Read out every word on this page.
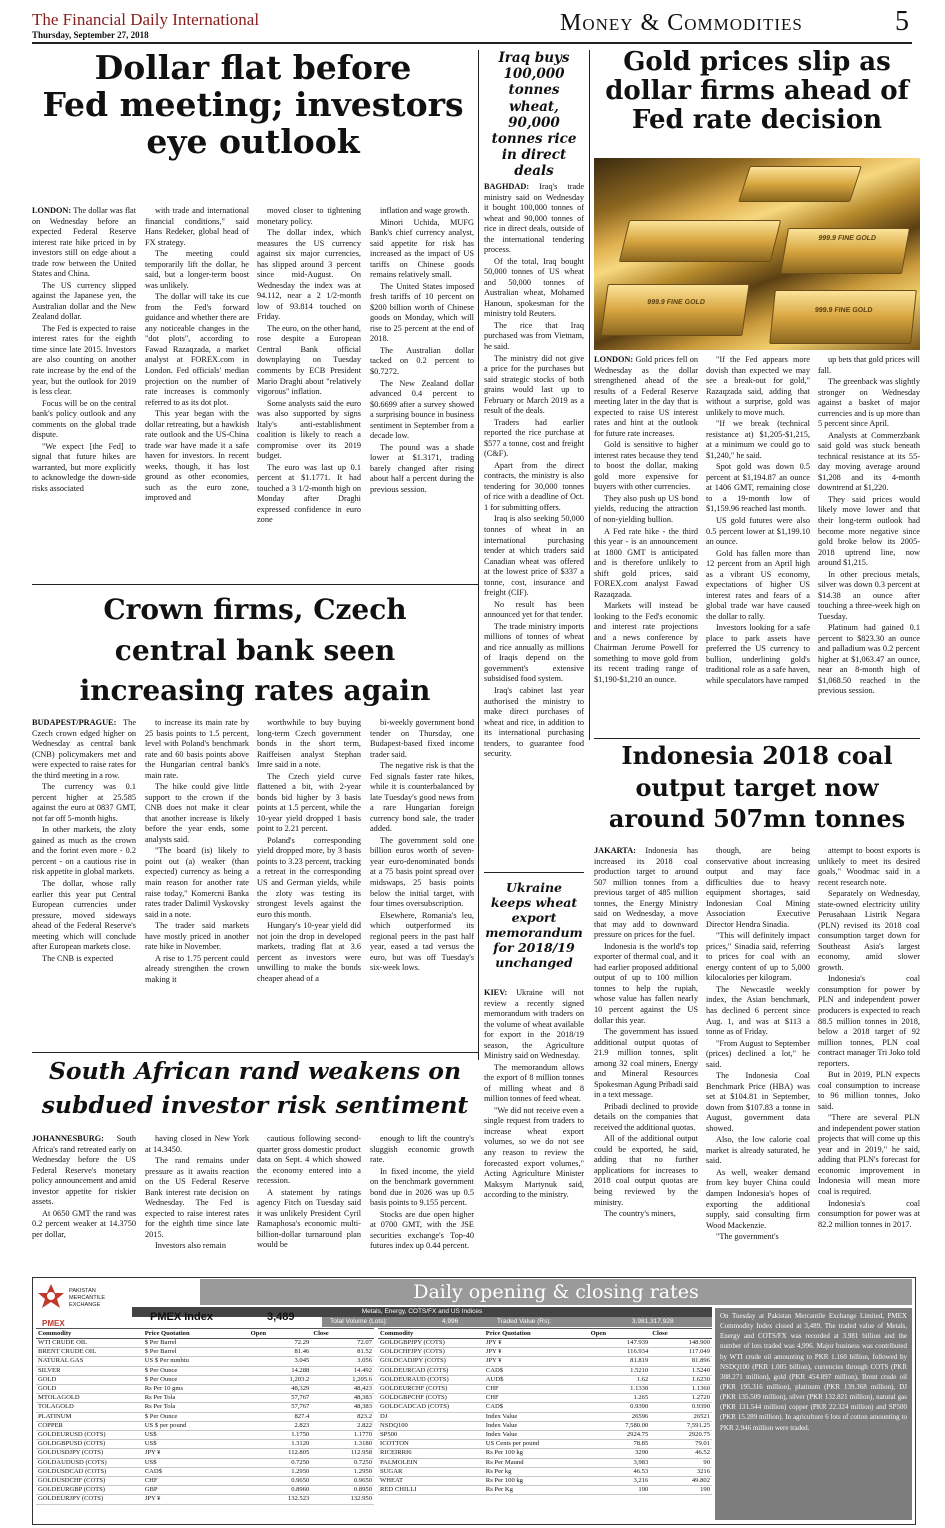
The Financial Daily International
Thursday, September 27, 2018	Money & Commodities	5
Dollar flat before
Fed meeting; investors
eye outlook

LONDON: The dollar was flat on Wednesday before an expected Federal Reserve interest rate hike priced in by investors still on edge about a trade row between the United States and China.

The US currency slipped against the Japanese yen, the Australian dollar and the New Zealand dollar.

The Fed is expected to raise interest rates for the eighth time since late 2015. Investors are also counting on another rate increase by the end of the year, but the outlook for 2019 is less clear.

Focus will be on the central bank's policy outlook and any comments on the global trade dispute.

"We expect [the Fed] to signal that future hikes are warranted, but more explicitly to acknowledge the down-side risks associated

with trade and international financial conditions," said Hans Redeker, global head of FX strategy.

The meeting could temporarily lift the dollar, he said, but a longer-term boost was unlikely.

The dollar will take its cue from the Fed's forward guidance and whether there are any noticeable changes in the "dot plots", according to Fawad Razaqzada, a market analyst at FOREX.com in London. Fed officials' median projection on the number of rate increases is commonly referred to as its dot plot.

This year began with the dollar retreating, but a hawkish rate outlook and the US-China trade war have made it a safe haven for investors. In recent weeks, though, it has lost ground as other economies, such as the euro zone, improved and

moved closer to tightening monetary policy.

The dollar index, which measures the US currency against six major currencies, has slipped around 3 percent since mid-August. On Wednesday the index was at 94.112, near a 2 1/2-month low of 93.814 touched on Friday.

The euro, on the other hand, rose despite a European Central Bank official downplaying on Tuesday comments by ECB President Mario Draghi about "relatively vigorous" inflation.

Some analysts said the euro was also supported by signs Italy's anti-establishment coalition is likely to reach a compromise over its 2019 budget.

The euro was last up 0.1 percent at $1.1771. It had touched a 3 1/2-month high on Monday after Draghi expressed confidence in euro zone

inflation and wage growth.

Minori Uchida, MUFG Bank's chief currency analyst, said appetite for risk has increased as the impact of US tariffs on Chinese goods remains relatively small.

The United States imposed fresh tariffs of 10 percent on $200 billion worth of Chinese goods on Monday, which will rise to 25 percent at the end of 2018.

The Australian dollar tacked on 0.2 percent to $0.7272.

The New Zealand dollar advanced 0.4 percent to $0.6699 after a survey showed a surprising bounce in business sentiment in September from a decade low.

The pound was a shade lower at $1.3171, trading barely changed after rising about half a percent during the previous session.

Iraq buys 100,000 tonnes wheat, 90,000 tonnes rice in direct deals

BAGHDAD: Iraq's trade ministry said on Wednesday it bought 100,000 tonnes of wheat and 90,000 tonnes of rice in direct deals, outside of the international tendering process.

Of the total, Iraq bought 50,000 tonnes of US wheat and 50,000 tonnes of Australian wheat, Mohamed Hanoun, spokesman for the ministry told Reuters.

The rice that Iraq purchased was from Vietnam, he said.

The ministry did not give a price for the purchases but said strategic stocks of both grains would last up to February or March 2019 as a result of the deals.

Traders had earlier reported the rice purchase at $577 a tonne, cost and freight (C&F).

Apart from the direct contracts, the ministry is also tendering for 30,000 tonnes of rice with a deadline of Oct. 1 for submitting offers.

Iraq is also seeking 50,000 tonnes of wheat in an international purchasing tender at which traders said Canadian wheat was offered at the lowest price of $337 a tonne, cost, insurance and freight (CIF).

No result has been announced yet for that tender.

The trade ministry imports millions of tonnes of wheat and rice annually as millions of Iraqis depend on the government's extensive subsidised food system.

Iraq's cabinet last year authorised the ministry to make direct purchases of wheat and rice, in addition to its international purchasing tenders, to guarantee food security.

Gold prices slip as
dollar firms ahead of
Fed rate decision
999.9 FINE GOLD
999.9 FINE GOLD
999.9 FINE GOLD

LONDON: Gold prices fell on Wednesday as the dollar strengthened ahead of the results of a Federal Reserve meeting later in the day that is expected to raise US interest rates and hint at the outlook for future rate increases.

Gold is sensitive to higher interest rates because they tend to boost the dollar, making gold more expensive for buyers with other currencies.

They also push up US bond yields, reducing the attraction of non-yielding bullion.

A Fed rate hike - the third this year - is an announcement at 1800 GMT is anticipated and is therefore unlikely to shift gold prices, said FOREX.com analyst Fawad Razaqzada.

Markets will instead be looking to the Fed's economic and interest rate projections and a news conference by Chairman Jerome Powell for something to move gold from its recent trading range of $1,190-$1,210 an ounce.

"If the Fed appears more dovish than expected we may see a break-out for gold," Razaqzada said, adding that without a surprise, gold was unlikely to move much.

"If we break (technical resistance at) $1,205-$1,215, at a minimum we could go to $1,240," he said.

Spot gold was down 0.5 percent at $1,194.87 an ounce at 1406 GMT, remaining close to a 19-month low of $1,159.96 reached last month.

US gold futures were also 0.5 percent lower at $1,199.10 an ounce.

Gold has fallen more than 12 percent from an April high as a vibrant US economy, expectations of higher US interest rates and fears of a global trade war have caused the dollar to rally.

Investors looking for a safe place to park assets have preferred the US currency to bullion, underlining gold's traditional role as a safe haven, while speculators have ramped

up bets that gold prices will fall.

The greenback was slightly stronger on Wednesday against a basket of major currencies and is up more than 5 percent since April.

Analysts at Commerzbank said gold was stuck beneath technical resistance at its 55-day moving average around $1,208 and its 4-month downtrend at $1,220.

They said prices would likely move lower and that their long-term outlook had become more negative since gold broke below its 2005-2018 uptrend line, now around $1,215.

In other precious metals, silver was down 0.3 percent at $14.38 an ounce after touching a three-week high on Tuesday.

Platinum had gained 0.1 percent to $823.30 an ounce and palladium was 0.2 percent higher at $1,063.47 an ounce, near an 8-month high of $1,068.50 reached in the previous session.

Crown firms, Czech
central bank seen
increasing rates again

BUDAPEST/PRAGUE: The Czech crown edged higher on Wednesday as central bank (CNB) policymakers met and were expected to raise rates for the third meeting in a row.

The currency was 0.1 percent higher at 25.585 against the euro at 0837 GMT, not far off 5-month highs.

In other markets, the zloty gained as much as the crown and the forint even more - 0.2 percent - on a cautious rise in risk appetite in global markets.

The dollar, whose rally earlier this year put Central European currencies under pressure, moved sideways ahead of the Federal Reserve's meeting which will conclude after European markets close.

The CNB is expected

to increase its main rate by 25 basis points to 1.5 percent, level with Poland's benchmark rate and 60 basis points above the Hungarian central bank's main rate.

The hike could give little support to the crown if the CNB does not make it clear that another increase is likely before the year ends, some analysts said.

"The board (is) likely to point out (a) weaker (than expected) currency as being a main reason for another rate raise today," Komercni Banka rates trader Dalimil Vyskovsky said in a note.

The trader said markets have mostly priced in another rate hike in November.

A rise to 1.75 percent could already strengthen the crown making it

worthwhile to buy buying long-term Czech government bonds in the short term, Raiffeisen analyst Stephan Imre said in a note.

The Czech yield curve flattened a bit, with 2-year bonds bid higher by 3 basis points at 1.5 percent, while the 10-year yield dropped 1 basis point to 2.21 percent.

Poland's corresponding yield dropped more, by 3 basis points to 3.23 percent, tracking a retreat in the corresponding US and German yields, while the zloty was testing its strongest levels against the euro this month.

Hungary's 10-year yield did not join the drop in developed markets, trading flat at 3.6 percent as investors were unwilling to make the bonds cheaper ahead of a

bi-weekly government bond tender on Thursday, one Budapest-based fixed income trader said.

The negative risk is that the Fed signals faster rate hikes, while it is counterbalanced by late Tuesday's good news from a rare Hungarian foreign currency bond sale, the trader added.

The government sold one billion euros worth of seven-year euro-denominated bonds at a 75 basis point spread over midswaps, 25 basis points below the initial target, with four times oversubscription.

Elsewhere, Romania's leu, which outperformed its regional peers in the past half year, eased a tad versus the euro, but was off Tuesday's six-week lows.

Ukraine keeps wheat export memorandum for 2018/19 unchanged

KIEV: Ukraine will not review a recently signed memorandum with traders on the volume of wheat available for export in the 2018/19 season, the Agriculture Ministry said on Wednesday.

The memorandum allows the export of 8 million tonnes of milling wheat and 8 million tonnes of feed wheat.

"We did not receive even a single request from traders to increase wheat export volumes, so we do not see any reason to review the forecasted export volumes," Acting Agriculture Minister Maksym Martynuk said, according to the ministry.

Indonesia 2018 coal
output target now
around 507mn tonnes

JAKARTA: Indonesia has increased its 2018 coal production target to around 507 million tonnes from a previous target of 485 million tonnes, the Energy Ministry said on Wednesday, a move that may add to downward pressure on prices for the fuel.

Indonesia is the world's top exporter of thermal coal, and it had earlier proposed additional output of up to 100 million tonnes to help the rupiah, whose value has fallen nearly 10 percent against the US dollar this year.

The government has issued additional output quotas of 21.9 million tonnes, split among 32 coal miners, Energy and Mineral Resources Spokesman Agung Pribadi said in a text message.

Pribadi declined to provide details on the companies that received the additional quotas.

All of the additional output could be exported, he said, adding that no further applications for increases to 2018 coal output quotas are being reviewed by the ministry.

The country's miners,

though, are being conservative about increasing output and may face difficulties due to heavy equipment shortages, said Indonesian Coal Mining Association Executive Director Hendra Sinadia.

"This will definitely impact prices," Sinadia said, referring to prices for coal with an energy content of up to 5,000 kilocalories per kilogram.

The Newcastle weekly index, the Asian benchmark, has declined 6 percent since Aug. 1, and was at $113 a tonne as of Friday.

"From August to September (prices) declined a lot," he said.

The Indonesia Coal Benchmark Price (HBA) was set at $104.81 in September, down from $107.83 a tonne in August, government data showed.

Also, the low calorie coal market is already saturated, he said.

As well, weaker demand from key buyer China could dampen Indonesia's hopes of exporting the additional supply, said consulting firm Wood Mackenzie.

"The government's

attempt to boost exports is unlikely to meet its desired goals," Woodmac said in a recent research note.

Separately on Wednesday, state-owned electricity utility Perusahaan Listrik Negara (PLN) revised its 2018 coal consumption target down for Southeast Asia's largest economy, amid slower growth.

Indonesia's coal consumption for power by PLN and independent power producers is expected to reach 88.5 million tonnes in 2018, below a 2018 target of 92 million tonnes, PLN coal contract manager Tri Joko told reporters.

But in 2019, PLN expects coal consumption to increase to 96 million tonnes, Joko said.

"There are several PLN and independent power station projects that will come up this year and in 2019," he said, adding that PLN's forecast for economic improvement in Indonesia will mean more coal is required.

Indonesia's coal consumption for power was at 82.2 million tonnes in 2017.

South African rand weakens on
subdued investor risk sentiment

JOHANNESBURG: South Africa's rand retreated early on Wednesday before the US Federal Reserve's monetary policy announcement and amid investor appetite for riskier assets.

At 0650 GMT the rand was 0.2 percent weaker at 14.3750 per dollar,

having closed in New York at 14.3450.

The rand remains under pressure as it awaits reaction on the US Federal Reserve Bank interest rate decision on Wednesday. The Fed is expected to raise interest rates for the eighth time since late 2015.

Investors also remain

cautious following second-quarter gross domestic product data on Sept. 4 which showed the economy entered into a recession.

A statement by ratings agency Fitch on Tuesday said it was unlikely President Cyril Ramaphosa's economic multi-billion-dollar turnaround plan would be

enough to lift the country's sluggish economic growth rate.

In fixed income, the yield on the benchmark government bond due in 2026 was up 0.5 basis points to 9.155 percent.

Stocks are due open higher at 0700 GMT, with the JSE securities exchange's Top-40 futures index up 0.44 percent.

Daily opening & closing rates
PAKISTAN
MERCANTILE
EXCHANGE
PMEX
Metals, Energy, COTS/FX and US Indices
PMEX Index	3,489	Total Volume (Lots):	4,996	Traded Value (Rs):	3,981,317,928
Commodity	Price Quotation	Open	Close
WTI CRUDE OIL	$ Per Barrel	72.29	72.07
BRENT CRUDE OIL	$ Per Barrel	81.46	81.52
NATURAL GAS	US $ Per mmbtu	3.045	3.056
SILVER	$ Per Ounce	14.288	14.492
GOLD	$ Per Ounce	1,203.2	1,205.6
GOLD	Rs Per 10 gms	48,329	48,423
MTOLAGOLD	Rs Per Tola	57,767	48,383
TOLAGOLD	Rs Per Tola	57,767	48,383
PLATINUM	$ Per Ounce	827.4	823.2
COPPER	US $ per pound	2.823	2.822
GOLDEURUSD (COTS)	US$	1.1750	1.1770
GOLDGBPUSD (COTS)	US$	1.3120	1.3180
GOLDUSDJPY (COTS)	JPY ¥	112.805	112.958
GOLDAUDUSD (COTS)	US$	0.7250	0.7250
GOLDUSDCAD (COTS)	CAD$	1.2950	1.2950
GOLDUSDCHF (COTS)	CHF	0.9650	0.9650
GOLDEURGBP (COTS)	GBP	0.8960	0.8950
GOLDEURJPY (COTS)	JPY ¥	132.523	132.950
Commodity	Price Quotation	Open	Close
GOLDGBPJPY (COTS)	JPY ¥	147.939	148.900
GOLDCHFJPY (COTS)	JPY ¥	116.934	117.049
GOLDCADJPY (COTS)	JPY ¥	81.819	81.896
GOLDEURCAD (COTS)	CAD$	1.5210	1.5240
GOLDEURAUD (COTS)	AUD$	1.62	1.6230
GOLDEURCHF (COTS)	CHF	1.1330	1.1360
GOLDGBPCHF (COTS)	CHF	1.265	1.2720
GOLDCADCAD (COTS)	CAD$	0.9390	0.9390
DJ	Index Value	26596	26521
NSDQ100	Index Value	7,580.00	7,591.25
SP500	Index Value	2924.75	2920.75
ICOTTON	US Cents per pound	78.85	79.01
RICEIRRI6	Rs Per 100 kg	3290	46.52
PALMOLEIN	Rs Per Maund	3,983	90
SUGAR	Rs Per kg	46.53	3216
WHEAT	Rs Per 100 kg	3,216	49.802
RED CHILLI	Rs Per Kg	190	190
On Tuesday at Pakistan Mercantile Exchange Limited, PMEX Commodity Index closed at 3,489. The traded value of Metals, Energy and COTS/FX was recorded at 3.981 billion and the number of lots traded was 4,996. Major business was contributed by WTI crude oil amounting to PKR 1.160 billion, followed by NSDQ100 (PKR 1.005 billion), currencies through COTS (PKR 388.271 million), gold (PKR 454.897 million), Brent crude oil (PKR 195.316 million), platinum (PKR 139.368 million), DJ (PKR 135.509 million), silver (PKR 132.821 million), natural gas (PKR 131.544 million) copper (PKR 22.324 million) and SP500 (PKR 15.289 million). In agriculture 6 lots of cotton amounting to PKR 2.946 million were traded.
